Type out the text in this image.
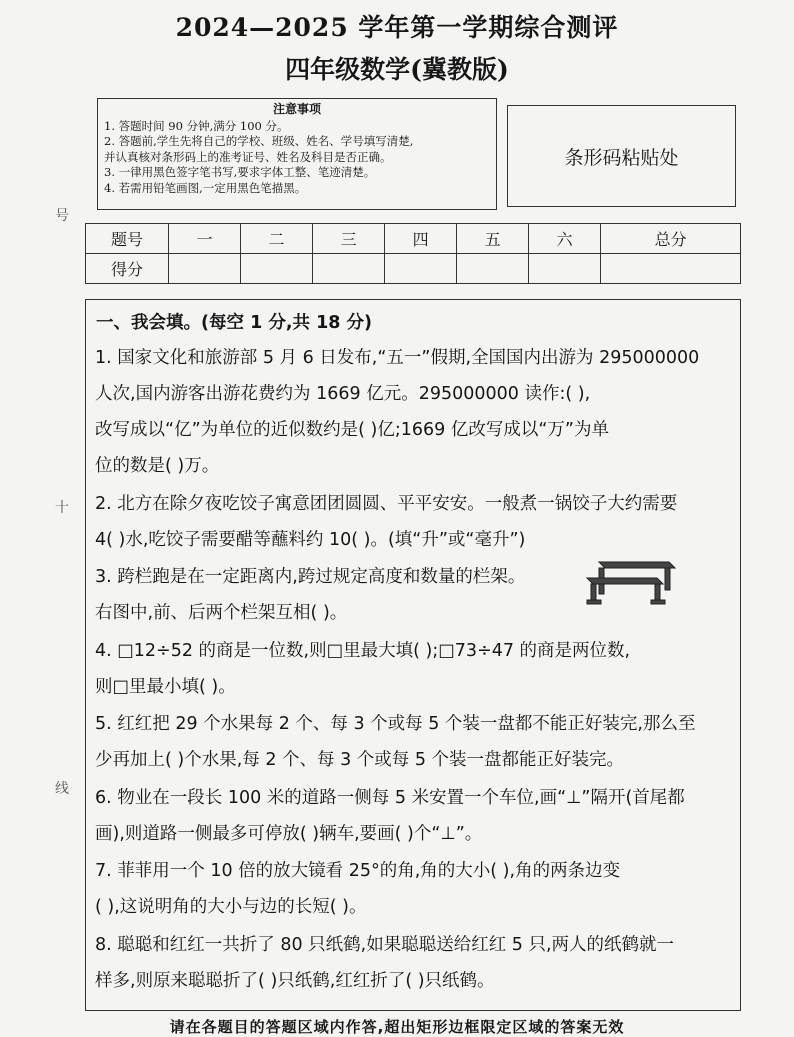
2024—2025 学年第一学期综合测评
四年级数学(冀教版)
注意事项
1. 答题时间 90 分钟,满分 100 分。
2. 答题前,学生先将自己的学校、班级、姓名、学号填写清楚,
并认真核对条形码上的准考证号、姓名及科目是否正确。
3. 一律用黑色签字笔书写,要求字体工整、笔迹清楚。
4. 若需用铅笔画图,一定用黑色笔描黑。
条形码粘贴处
号
十
线
题号	一	二	三	四	五	六	总分
得分							
一、我会填。(每空 1 分,共 18 分)
1. 国家文化和旅游部 5 月 6 日发布,“五一”假期,全国国内出游为 295000000
人次,国内游客出游花费约为 1669 亿元。295000000 读作:( ),
改写成以“亿”为单位的近似数约是( )亿;1669 亿改写成以“万”为单
位的数是( )万。
2. 北方在除夕夜吃饺子寓意团团圆圆、平平安安。一般煮一锅饺子大约需要
4( )水,吃饺子需要醋等蘸料约 10( )。(填“升”或“毫升”)
3. 跨栏跑是在一定距离内,跨过规定高度和数量的栏架。
右图中,前、后两个栏架互相( )。
4. □12÷52 的商是一位数,则□里最大填( );□73÷47 的商是两位数,
则□里最小填( )。
5. 红红把 29 个水果每 2 个、每 3 个或每 5 个装一盘都不能正好装完,那么至
少再加上( )个水果,每 2 个、每 3 个或每 5 个装一盘都能正好装完。
6. 物业在一段长 100 米的道路一侧每 5 米安置一个车位,画“⊥”隔开(首尾都
画),则道路一侧最多可停放( )辆车,要画( )个“⊥”。
7. 菲菲用一个 10 倍的放大镜看 25°的角,角的大小( ),角的两条边变
( ),这说明角的大小与边的长短( )。
8. 聪聪和红红一共折了 80 只纸鹤,如果聪聪送给红红 5 只,两人的纸鹤就一
样多,则原来聪聪折了( )只纸鹤,红红折了( )只纸鹤。
请在各题目的答题区域内作答,超出矩形边框限定区域的答案无效
